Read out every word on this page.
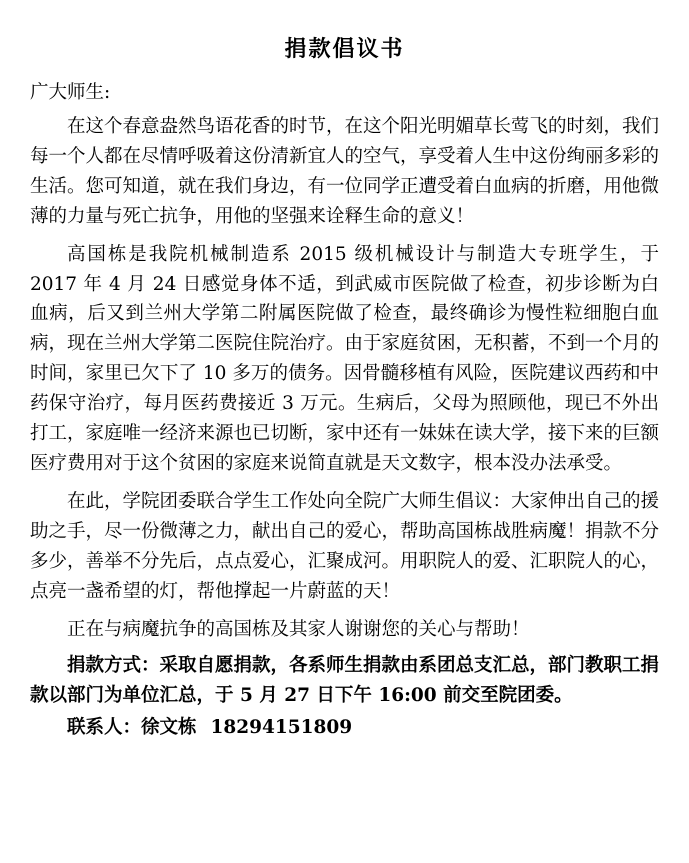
捐款倡议书
广大师生:
在这个春意盎然鸟语花香的时节，在这个阳光明媚草长莺飞的时刻，我们每一个人都在尽情呼吸着这份清新宜人的空气，享受着人生中这份绚丽多彩的生活。您可知道，就在我们身边，有一位同学正遭受着白血病的折磨，用他微薄的力量与死亡抗争，用他的坚强来诠释生命的意义！
高国栋是我院机械制造系 2015 级机械设计与制造大专班学生，于 2017 年 4 月 24 日感觉身体不适，到武威市医院做了检查，初步诊断为白血病，后又到兰州大学第二附属医院做了检查，最终确诊为慢性粒细胞白血病，现在兰州大学第二医院住院治疗。由于家庭贫困，无积蓄，不到一个月的时间，家里已欠下了 10 多万的债务。因骨髓移植有风险，医院建议西药和中药保守治疗，每月医药费接近 3 万元。生病后，父母为照顾他，现已不外出打工，家庭唯一经济来源也已切断，家中还有一妹妹在读大学，接下来的巨额医疗费用对于这个贫困的家庭来说简直就是天文数字，根本没办法承受。
在此，学院团委联合学生工作处向全院广大师生倡议：大家伸出自己的援助之手，尽一份微薄之力，献出自己的爱心，帮助高国栋战胜病魔！捐款不分多少，善举不分先后，点点爱心，汇聚成河。用职院人的爱、汇职院人的心，点亮一盏希望的灯，帮他撑起一片蔚蓝的天！
正在与病魔抗争的高国栋及其家人谢谢您的关心与帮助！
捐款方式：采取自愿捐款，各系师生捐款由系团总支汇总，部门教职工捐款以部门为单位汇总，于 5 月 27 日下午 16:00 前交至院团委。
联系人：徐文栋 18294151809
